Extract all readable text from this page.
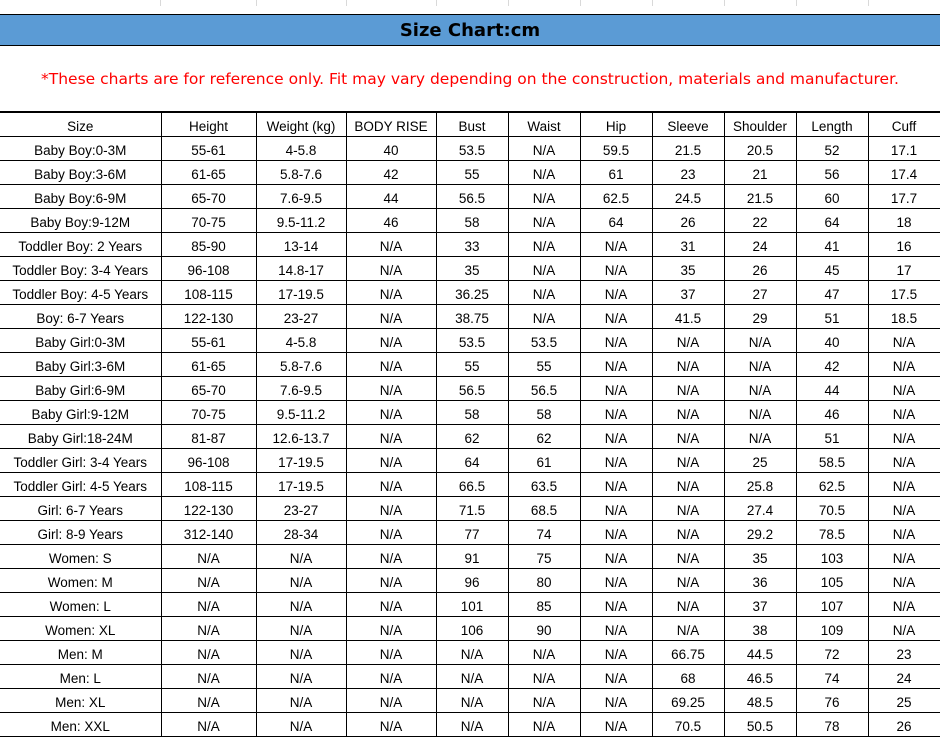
Size Chart:cm
*These charts are for reference only. Fit may vary depending on the construction, materials and manufacturer.
Size	Height	Weight (kg)	BODY RISE	Bust	Waist	Hip	Sleeve	Shoulder	Length	Cuff
Baby Boy:0-3M	55-61	4-5.8	40	53.5	N/A	59.5	21.5	20.5	52	17.1
Baby Boy:3-6M	61-65	5.8-7.6	42	55	N/A	61	23	21	56	17.4
Baby Boy:6-9M	65-70	7.6-9.5	44	56.5	N/A	62.5	24.5	21.5	60	17.7
Baby Boy:9-12M	70-75	9.5-11.2	46	58	N/A	64	26	22	64	18
Toddler Boy: 2 Years	85-90	13-14	N/A	33	N/A	N/A	31	24	41	16
Toddler Boy: 3-4 Years	96-108	14.8-17	N/A	35	N/A	N/A	35	26	45	17
Toddler Boy: 4-5 Years	108-115	17-19.5	N/A	36.25	N/A	N/A	37	27	47	17.5
Boy: 6-7 Years	122-130	23-27	N/A	38.75	N/A	N/A	41.5	29	51	18.5
Baby Girl:0-3M	55-61	4-5.8	N/A	53.5	53.5	N/A	N/A	N/A	40	N/A
Baby Girl:3-6M	61-65	5.8-7.6	N/A	55	55	N/A	N/A	N/A	42	N/A
Baby Girl:6-9M	65-70	7.6-9.5	N/A	56.5	56.5	N/A	N/A	N/A	44	N/A
Baby Girl:9-12M	70-75	9.5-11.2	N/A	58	58	N/A	N/A	N/A	46	N/A
Baby Girl:18-24M	81-87	12.6-13.7	N/A	62	62	N/A	N/A	N/A	51	N/A
Toddler Girl: 3-4 Years	96-108	17-19.5	N/A	64	61	N/A	N/A	25	58.5	N/A
Toddler Girl: 4-5 Years	108-115	17-19.5	N/A	66.5	63.5	N/A	N/A	25.8	62.5	N/A
Girl: 6-7 Years	122-130	23-27	N/A	71.5	68.5	N/A	N/A	27.4	70.5	N/A
Girl: 8-9 Years	312-140	28-34	N/A	77	74	N/A	N/A	29.2	78.5	N/A
Women: S	N/A	N/A	N/A	91	75	N/A	N/A	35	103	N/A
Women: M	N/A	N/A	N/A	96	80	N/A	N/A	36	105	N/A
Women: L	N/A	N/A	N/A	101	85	N/A	N/A	37	107	N/A
Women: XL	N/A	N/A	N/A	106	90	N/A	N/A	38	109	N/A
Men: M	N/A	N/A	N/A	N/A	N/A	N/A	66.75	44.5	72	23
Men: L	N/A	N/A	N/A	N/A	N/A	N/A	68	46.5	74	24
Men: XL	N/A	N/A	N/A	N/A	N/A	N/A	69.25	48.5	76	25
Men: XXL	N/A	N/A	N/A	N/A	N/A	N/A	70.5	50.5	78	26
